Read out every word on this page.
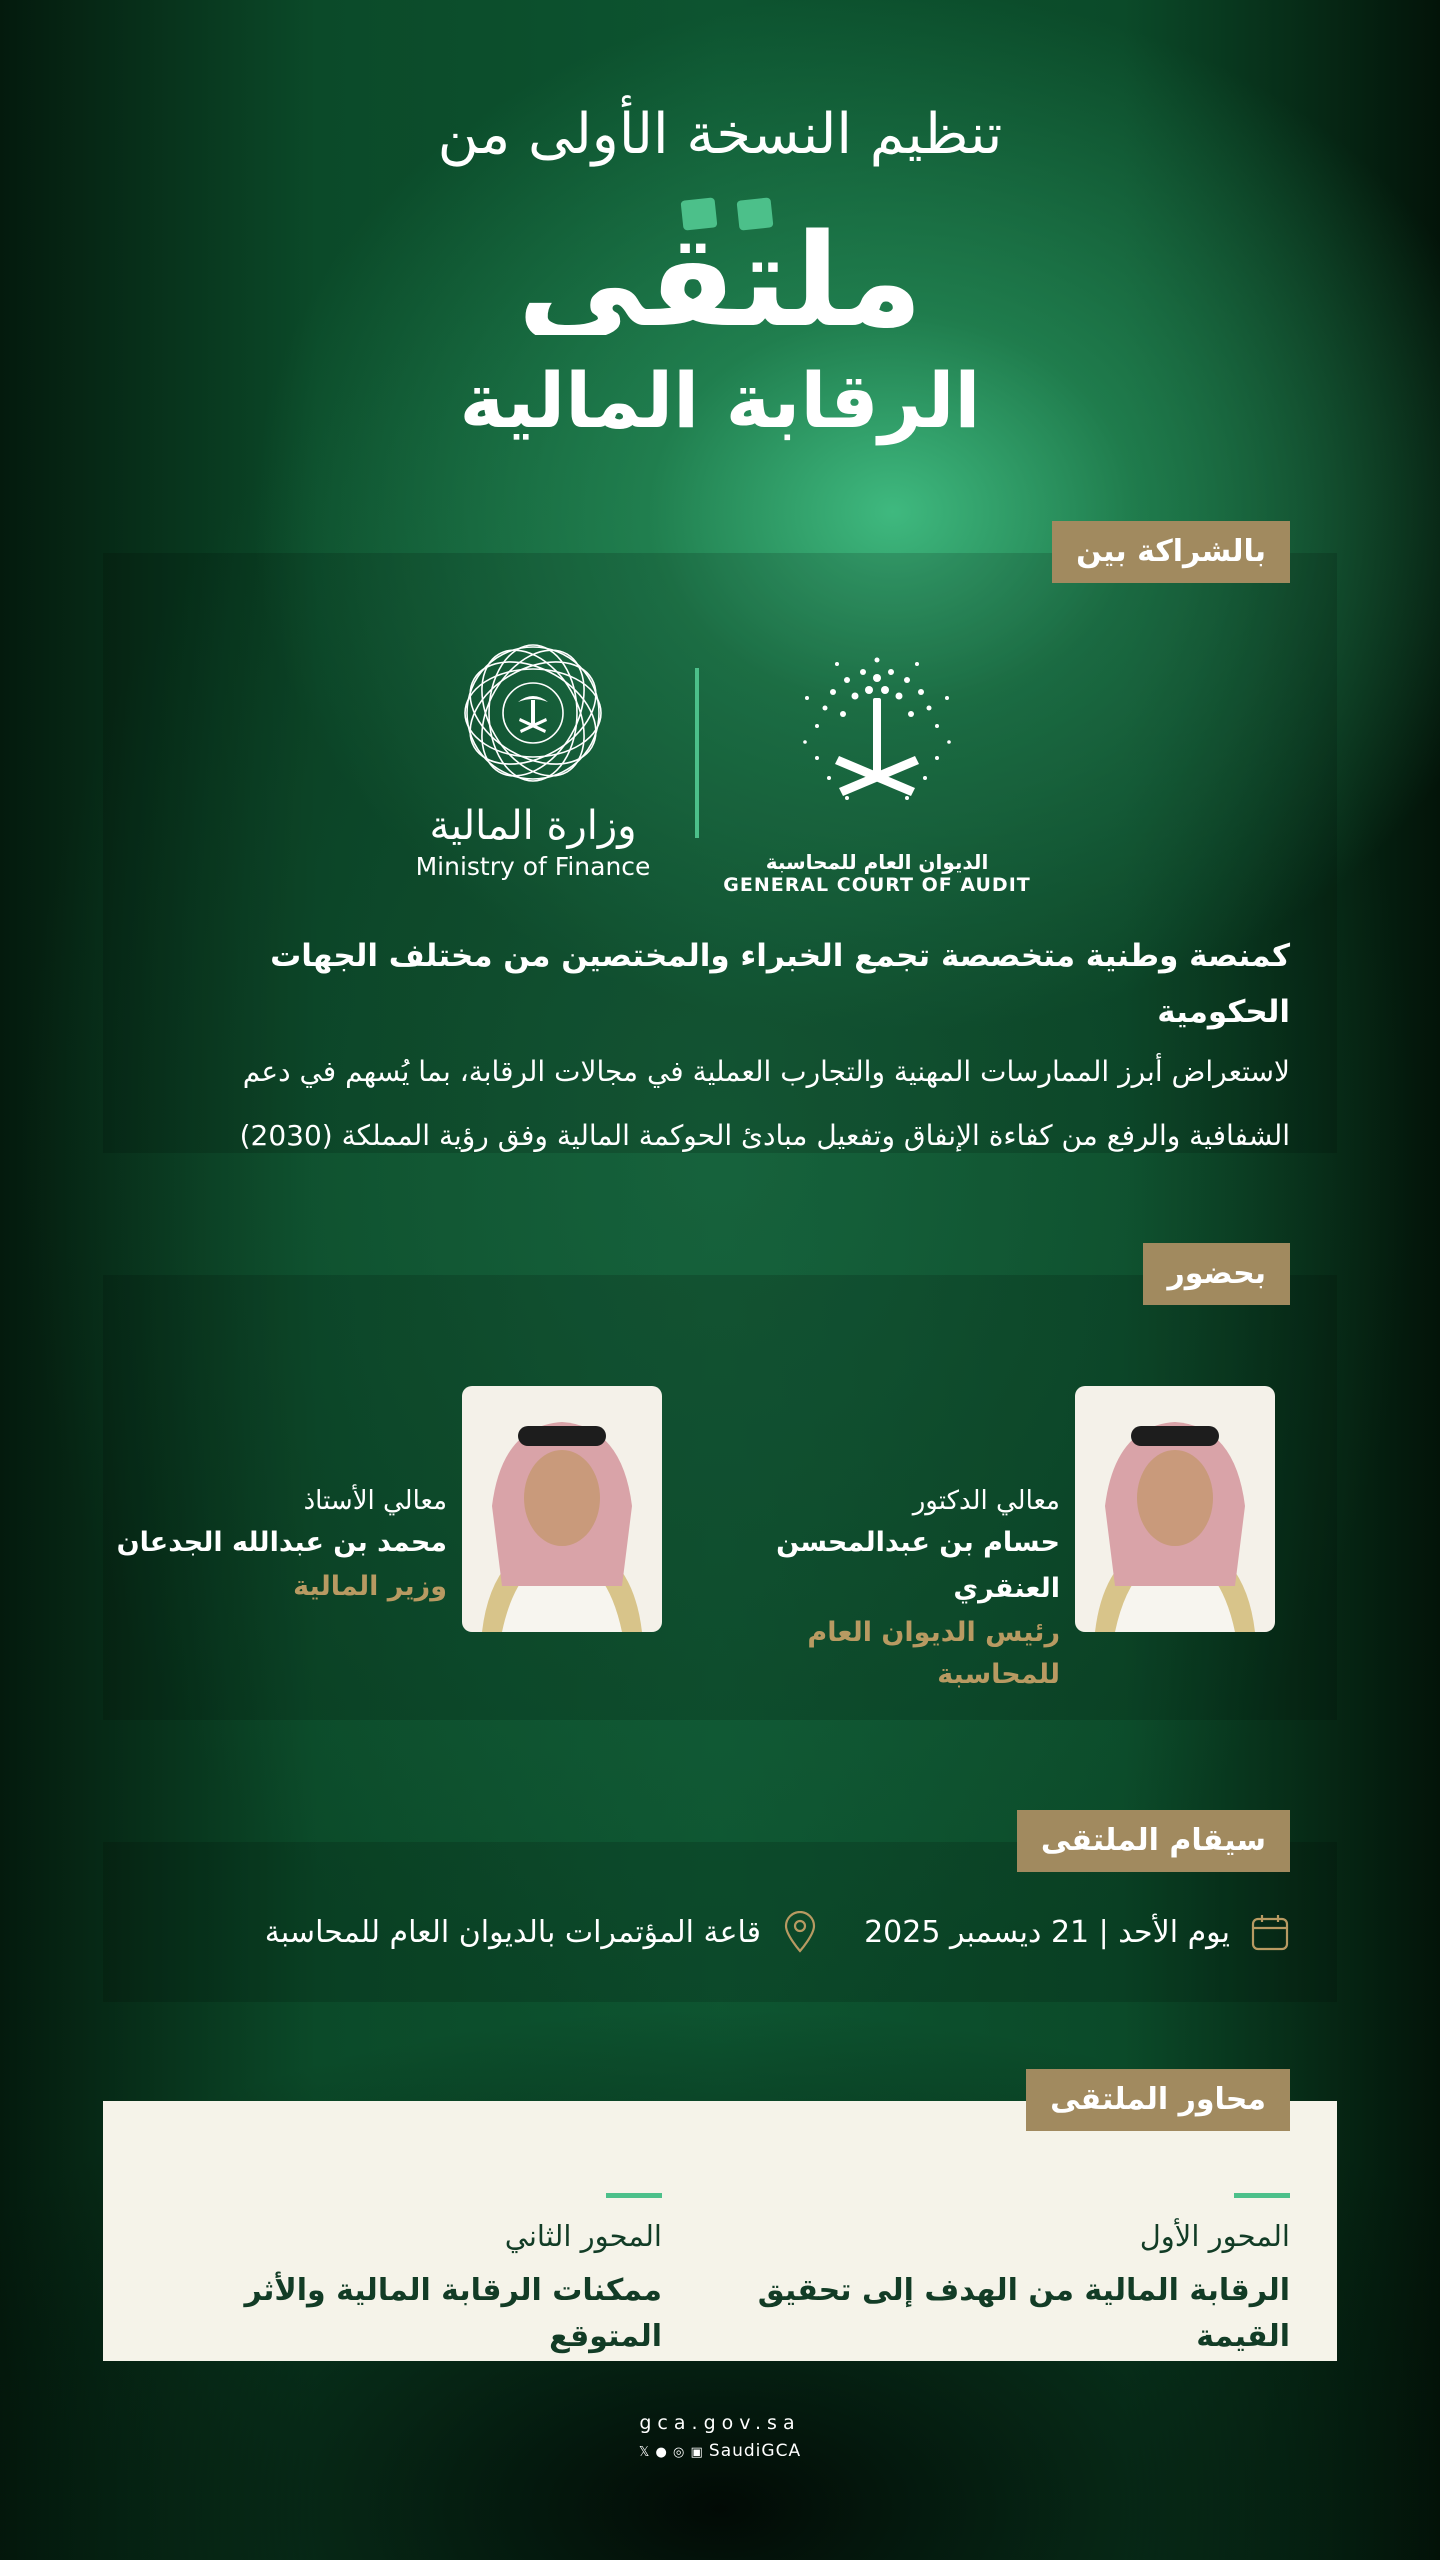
تنظيم النسخة الأولى من
ملتقى
الرقابة المالية
بالشراكة بين
الديوان العام للمحاسبة
GENERAL COURT OF AUDIT
وزارة المالية
Ministry of Finance
كمنصة وطنية متخصصة تجمع الخبراء والمختصين من مختلف الجهات الحكومية
لاستعراض أبرز الممارسات المهنية والتجارب العملية في مجالات الرقابة، بما يُسهم في دعم
الشفافية والرفع من كفاءة الإنفاق وتفعيل مبادئ الحوكمة المالية وفق رؤية المملكة (2030)
بحضور
معالي الدكتور
حسام بن عبدالمحسن العنقري
رئيس الديوان العام للمحاسبة
معالي الأستاذ
محمد بن عبدالله الجدعان
وزير المالية
سيقام الملتقى
يوم الأحد | 21 ديسمبر 2025
قاعة المؤتمرات بالديوان العام للمحاسبة
محاور الملتقى
المحور الأول
الرقابة المالية من الهدف إلى تحقيق القيمة
المحور الثاني
ممكنات الرقابة المالية والأثر المتوقع
gca.gov.sa
𝕏 ● ◎ ▣ SaudiGCA
